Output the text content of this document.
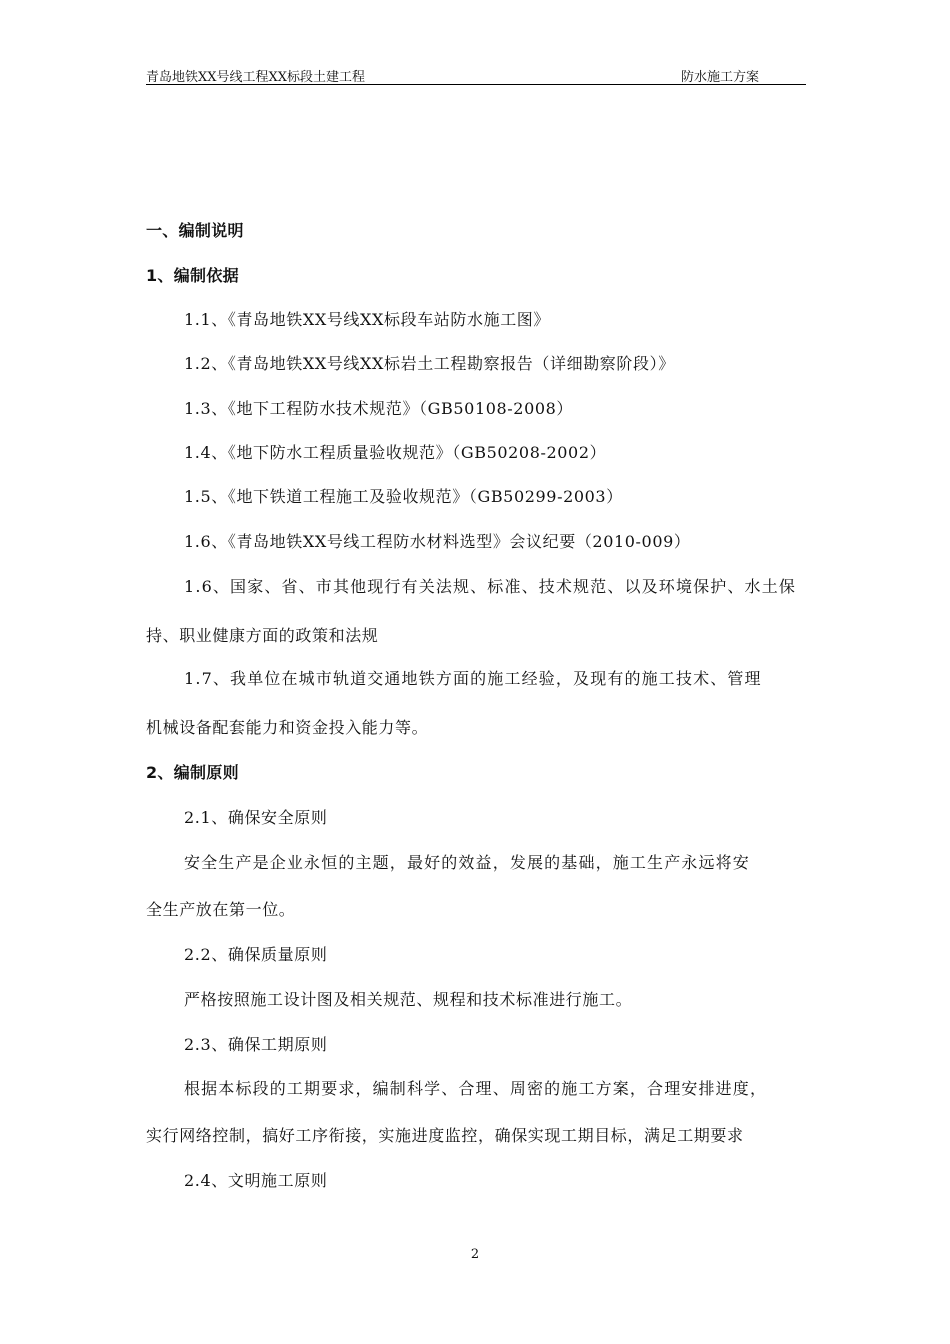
青岛地铁XX号线工程XX标段土建工程	防水施工方案
一、编制说明
1、编制依据
1.1、《青岛地铁XX号线XX标段车站防水施工图》
1.2、《青岛地铁XX号线XX标岩土工程勘察报告（详细勘察阶段）》
1.3、《地下工程防水技术规范》（GB50108-2008）
1.4、《地下防水工程质量验收规范》（GB50208-2002）
1.5、《地下铁道工程施工及验收规范》（GB50299-2003）
1.6、《青岛地铁XX号线工程防水材料选型》会议纪要（2010-009）
1.6、国家、省、市其他现行有关法规、标准、技术规范、以及环境保护、水土保
持、职业健康方面的政策和法规
1.7、我单位在城市轨道交通地铁方面的施工经验，及现有的施工技术、管理
机械设备配套能力和资金投入能力等。
2、编制原则
2.1、确保安全原则
安全生产是企业永恒的主题，最好的效益，发展的基础，施工生产永远将安
全生产放在第一位。
2.2、确保质量原则
严格按照施工设计图及相关规范、规程和技术标准进行施工。
2.3、确保工期原则
根据本标段的工期要求，编制科学、合理、周密的施工方案，合理安排进度，
实行网络控制，搞好工序衔接，实施进度监控，确保实现工期目标，满足工期要求
2.4、文明施工原则
2
